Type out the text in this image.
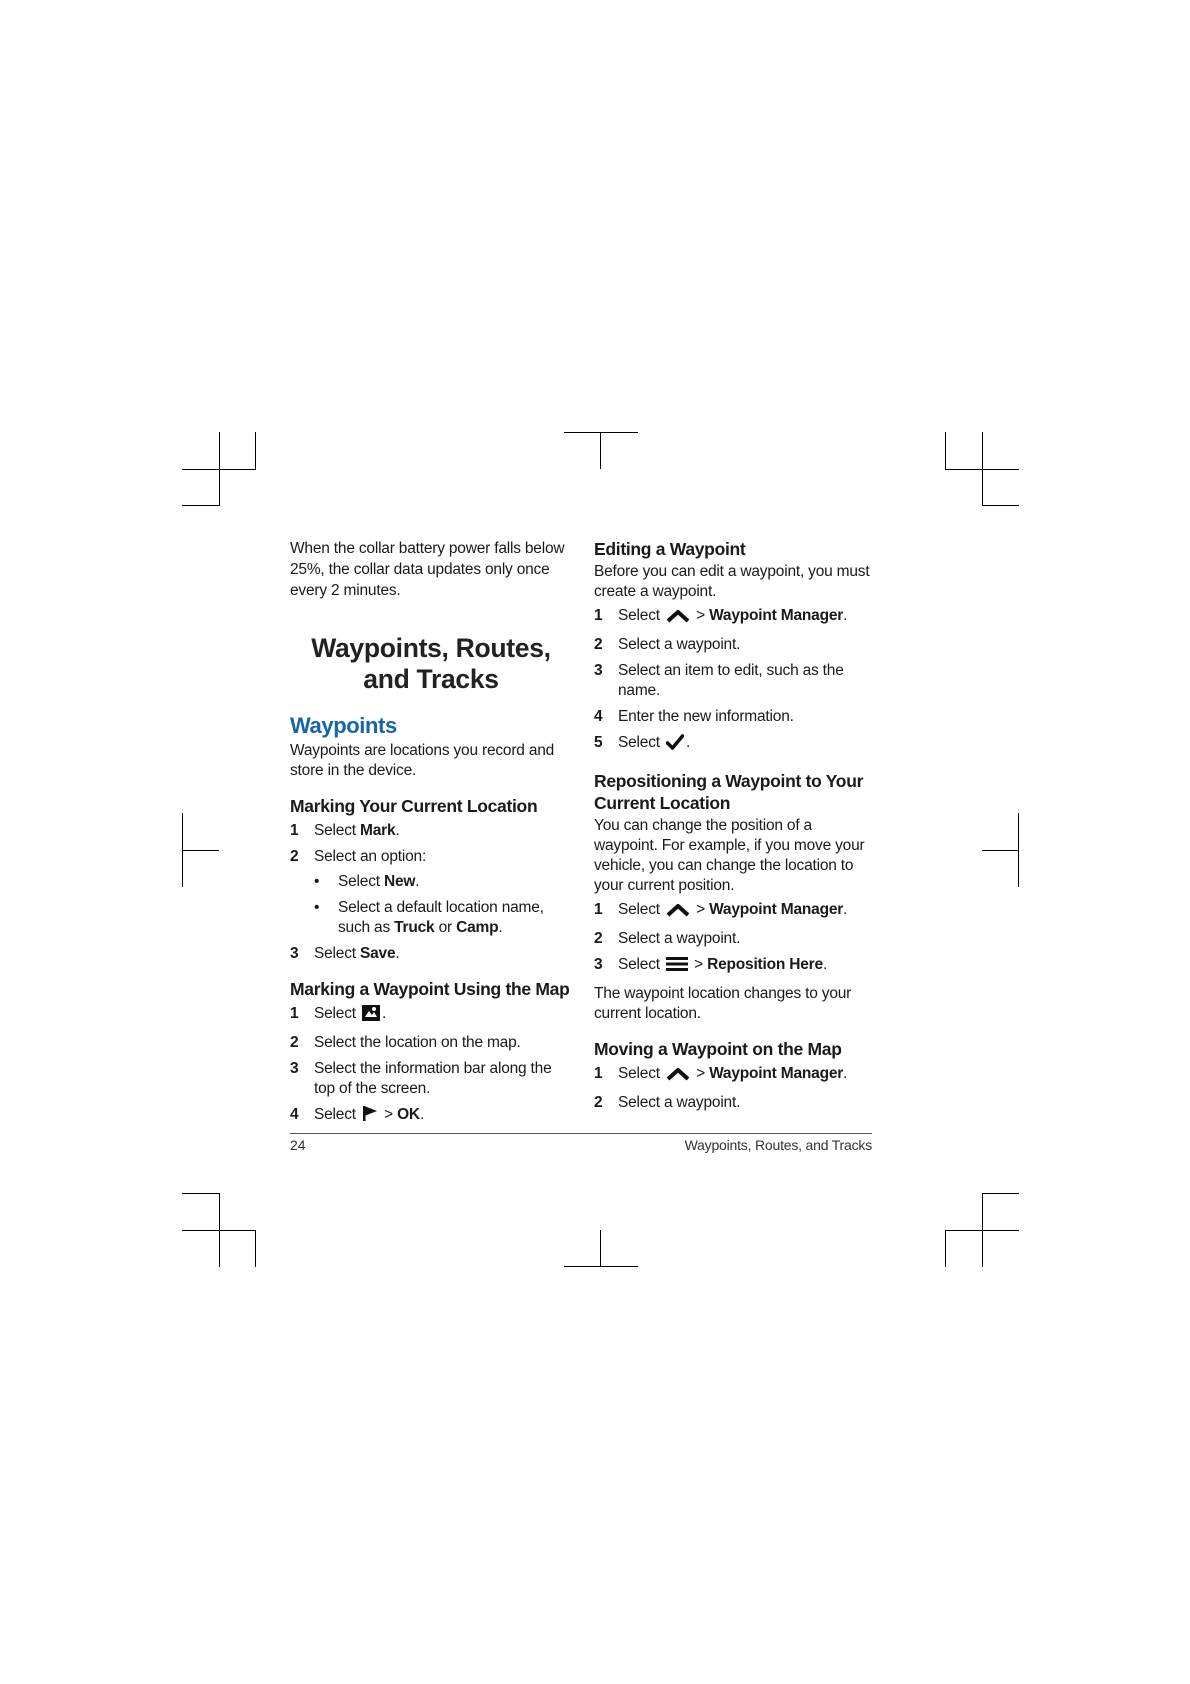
When the collar battery power falls below 25%, the collar data updates only once every 2 minutes.

Waypoints, Routes, and Tracks
Waypoints

Waypoints are locations you record and store in the device.

Marking Your Current Location
1 Select Mark.
2 Select an option:
• Select New.
• Select a default location name, such as Truck or Camp.
3 Select Save.
Marking a Waypoint Using the Map
1 Select .
2 Select the location on the map.
3 Select the information bar along the top of the screen.
4 Select  > OK.
Editing a Waypoint

Before you can edit a waypoint, you must create a waypoint.

1 Select  > Waypoint Manager.
2 Select a waypoint.
3 Select an item to edit, such as the name.
4 Enter the new information.
5 Select .
Repositioning a Waypoint to Your Current Location

You can change the position of a waypoint. For example, if you move your vehicle, you can change the location to your current position.

1 Select  > Waypoint Manager.
2 Select a waypoint.
3 Select  > Reposition Here.

The waypoint location changes to your current location.

Moving a Waypoint on the Map
1 Select  > Waypoint Manager.
2 Select a waypoint.
24	Waypoints, Routes, and Tracks
